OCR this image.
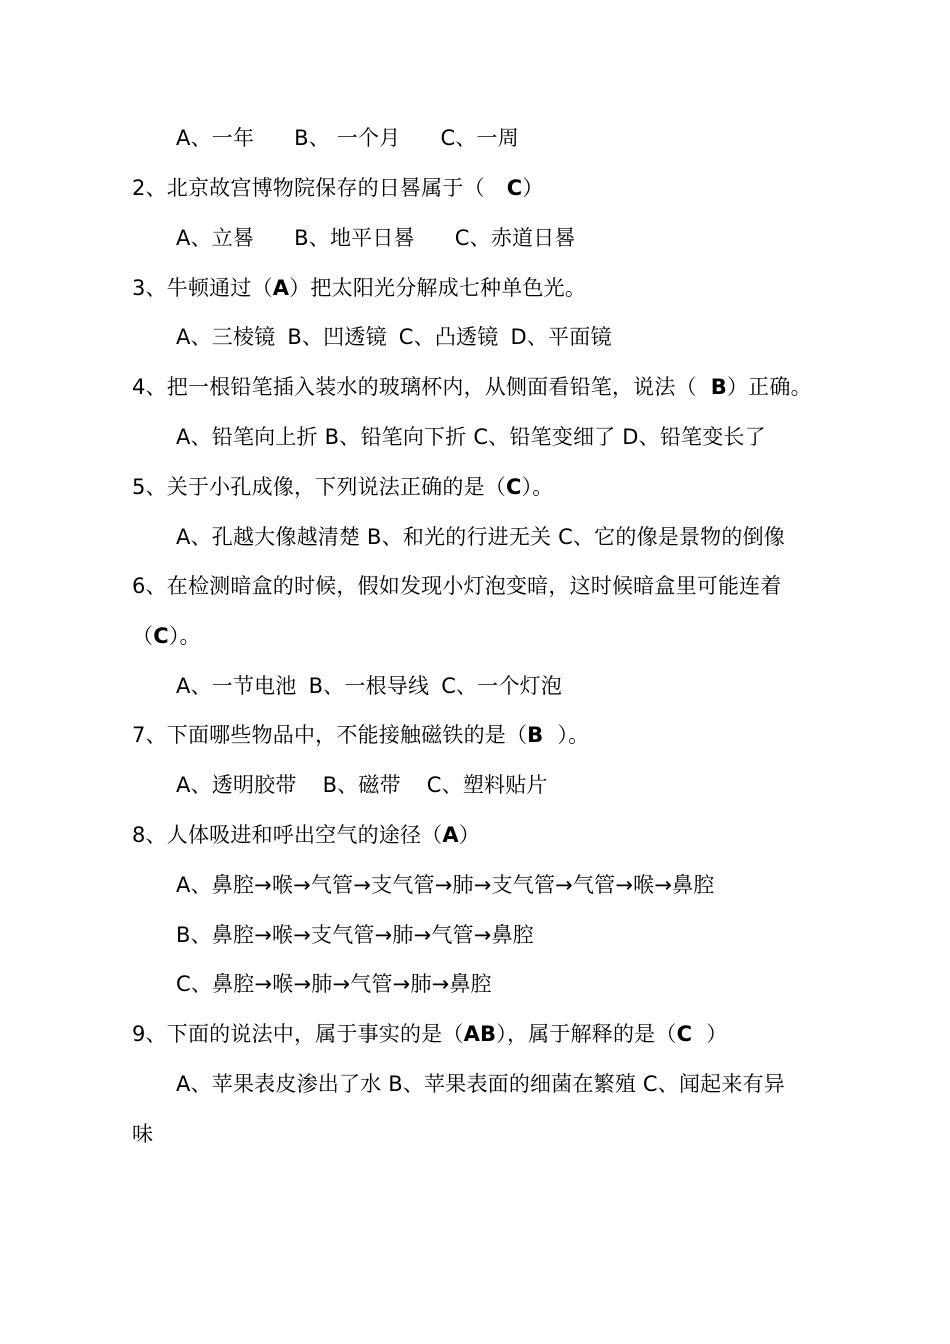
A、一年 B、 一个月 C、一周
2、北京故宫博物院保存的日晷属于（ C）
A、立晷 B、地平日晷 C、赤道日晷
3、牛顿通过（A）把太阳光分解成七种单色光。
A、三棱镜 B、凹透镜 C、凸透镜 D、平面镜
4、把一根铅笔插入装水的玻璃杯内，从侧面看铅笔，说法（ B）正确。
A、铅笔向上折 B、铅笔向下折 C、铅笔变细了 D、铅笔变长了
5、关于小孔成像，下列说法正确的是（C）。
A、孔越大像越清楚 B、和光的行进无关 C、它的像是景物的倒像
6、在检测暗盒的时候，假如发现小灯泡变暗，这时候暗盒里可能连着
（C）。
A、一节电池 B、一根导线 C、一个灯泡
7、下面哪些物品中，不能接触磁铁的是（B ）。
A、透明胶带 B、磁带 C、塑料贴片
8、人体吸进和呼出空气的途径（A）
A、鼻腔→喉→气管→支气管→肺→支气管→气管→喉→鼻腔
B、鼻腔→喉→支气管→肺→气管→鼻腔
C、鼻腔→喉→肺→气管→肺→鼻腔
9、下面的说法中，属于事实的是（AB），属于解释的是（C ）
A、苹果表皮渗出了水 B、苹果表面的细菌在繁殖 C、闻起来有异
味
